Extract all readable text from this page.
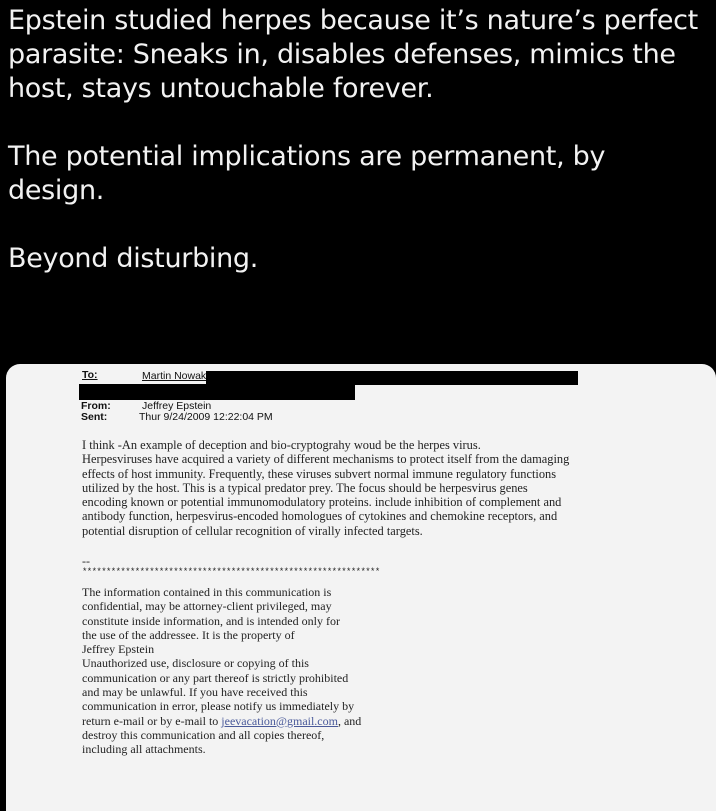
Epstein studied herpes because it’s nature’s perfect parasite: Sneaks in, disables defenses, mimics the host, stays untouchable forever.

The potential implications are permanent, by design.

Beyond disturbing.

To:	Martin Nowak
From:	Jeffrey Epstein
Sent:	Thur 9/24/2009 12:22:04 PM

I think -An example of deception and bio-cryptograhy woud be the herpes virus.

Herpesviruses have acquired a variety of different mechanisms to protect itself from the damaging

effects of host immunity. Frequently, these viruses subvert normal immune regulatory functions

utilized by the host. This is a typical predator prey. The focus should be herpesvirus genes

encoding known or potential immunomodulatory proteins. include inhibition of complement and

antibody function, herpesvirus-encoded homologues of cytokines and chemokine receptors, and

potential disruption of cellular recognition of virally infected targets.

--
**************************************************************
The information contained in this communication is
confidential, may be attorney-client privileged, may
constitute inside information, and is intended only for
the use of the addressee. It is the property of
Jeffrey Epstein
Unauthorized use, disclosure or copying of this
communication or any part thereof is strictly prohibited
and may be unlawful. If you have received this
communication in error, please notify us immediately by
return e-mail or by e-mail to jeevacation@gmail.com, and
destroy this communication and all copies thereof,
including all attachments.
